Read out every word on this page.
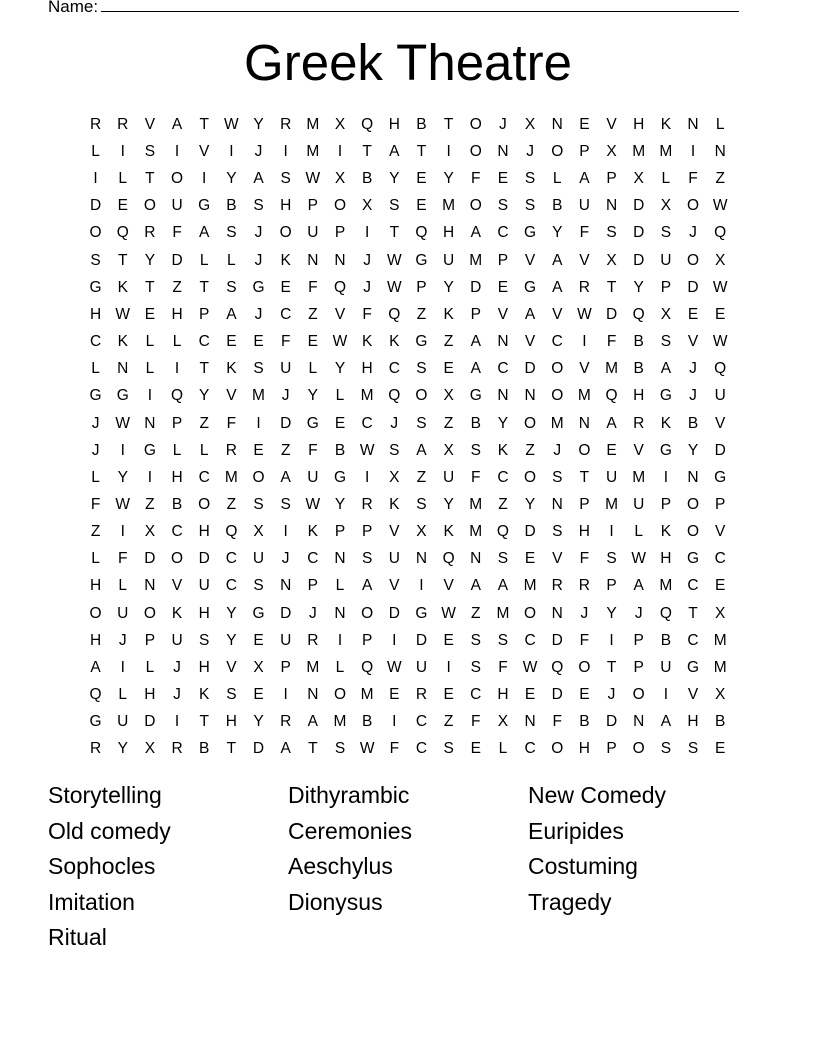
Name:
Greek Theatre
R	R	V	A	T W Y	R M	X	Q	H	B	T	O	J	X	N	E	V	H	K	N	L
L	I	S	I	V	I	J	I	M	I	T	A	T	I	O	N	J	O	P	X	M M	I	N
I	L	T	O	I	Y	A	S W X	B	Y	E	Y	F	E	S	L	A	P	X	L	F	Z
D	E	O	U	G	B	S	H	P	O	X	S	E	M O	S	S	B	U	N	D	X	O W
O Q	R	F	A	S	J	O	U	P	I	T	Q	H	A	C	G	Y	F	S	D	S	J	Q
S	T	Y	D	L	L	J	K	N	N	J	W G	U M	P	V	A	V	X	D	U	O	X
G	K	T	Z	T	S	G	E	F	Q	J	W P	Y	D	E	G	A	R	T	Y	P	D W
H W E	H	P	A	J	C	Z	V	F	Q	Z	K	P	V	A	V W D	Q	X	E	E
C	K	L	L	C	E	E	F	E W K	K	G	Z	A	N	V	C	I	F	B	S	V W
L	N	L	I	T	K	S	U	L	Y	H	C	S	E	A	C	D	O	V	M	B	A	J	Q
G G	I	Q	Y	V	M	J	Y	L	M Q O	X	G	N	N	O M Q	H	G	J	U
J	W N	P	Z	F	I	D	G	E	C	J	S	Z	B	Y	O M N	A	R	K	B	V
J	I	G	L	L	R	E	Z	F	B W S	A	X	S	K	Z	J	O	E	V	G	Y	D
L	Y	I	H	C M O	A	U	G	I	X	Z	U	F	C	O	S	T	U M	I	N	G
F W Z	B	O	Z	S	S W Y	R	K	S	Y	M	Z	Y	N	P	M U	P	O	P
Z	I	X	C	H	Q	X	I	K	P	P	V	X	K	M Q	D	S	H	I	L	K	O	V
L	F	D	O	D	C	U	J	C	N	S	U	N	Q	N	S	E	V	F	S W H	G	C
H	L	N	V	U	C	S	N	P	L	A	V	I	V	A	A	M R	R	P	A	M C	E
O	U	O	K	H	Y	G	D	J	N	O	D	G W Z	M O	N	J	Y	J	Q	T	X
H	J	P	U	S	Y	E	U	R	I	P	I	D	E	S	S	C	D	F	I	P	B	C M
A	I	L	J	H	V	X	P	M	L	Q W U	I	S	F W Q O	T	P	U	G M
Q	L	H	J	K	S	E	I	N	O M	E	R	E	C	H	E	D	E	J	O	I	V	X
G	U	D	I	T	H	Y	R	A	M	B	I	C	Z	F	X	N	F	B	D	N	A	H	B
R	Y	X	R	B	T	D	A	T	S W F	C	S	E	L	C	O	H	P	O	S	S	E
Storytelling	Dithyrambic	New Comedy
Old comedy	Ceremonies	Euripides
Sophocles	Aeschylus	Costuming
Imitation	Dionysus	Tragedy
Ritual
